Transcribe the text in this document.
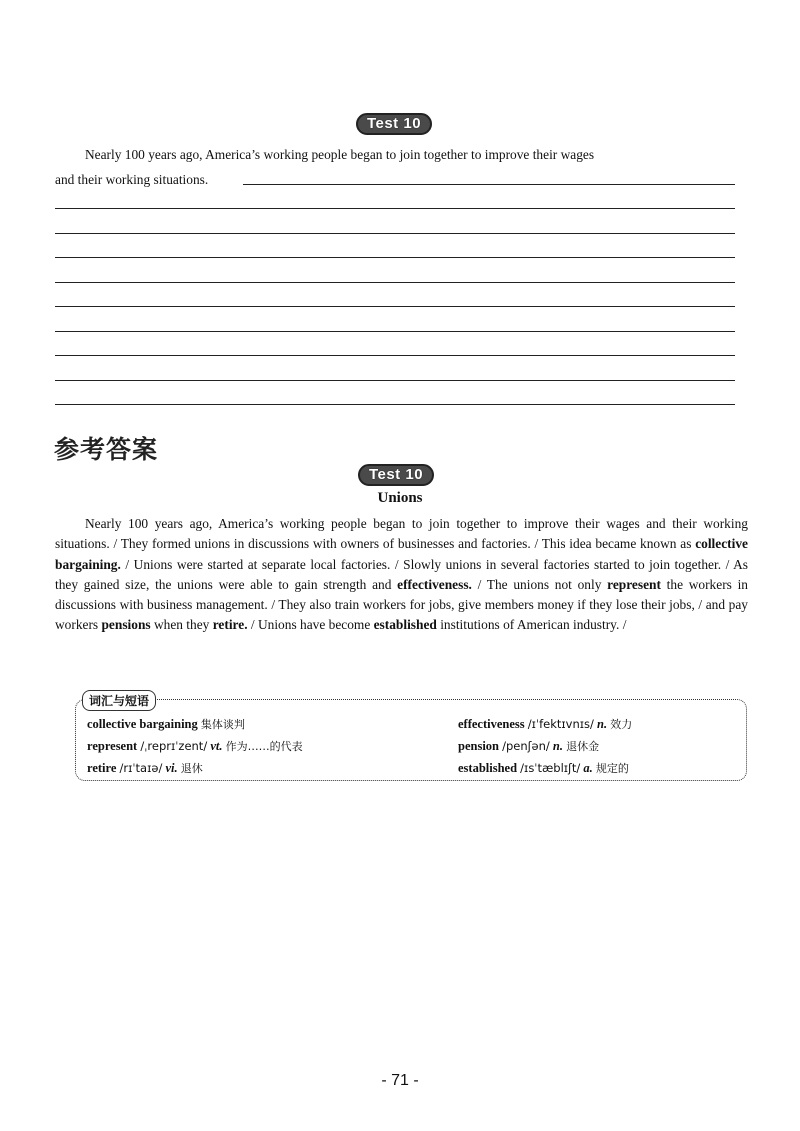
Test 10

Nearly 100 years ago, America’s working people began to join together to improve their wages

and their working situations.

参考答案
Test 10
Unions

Nearly 100 years ago, America’s working people began to join together to improve their wages and their working situations. / They formed unions in discussions with owners of businesses and factories. / This idea became known as collective bargaining. / Unions were started at separate local factories. / Slowly unions in several factories started to join together. / As they gained size, the unions were able to gain strength and effectiveness. / The unions not only represent the workers in discussions with business management. / They also train workers for jobs, give members money if they lose their jobs, / and pay workers pensions when they retire. / Unions have become established institutions of American industry. /

词汇与短语
collective bargaining 集体谈判	effectiveness /ɪˈfektɪvnɪs/ n. 效力
represent /ˌreprɪˈzent/ vt. 作为……的代表	pension /penʃən/ n. 退休金
retire /rɪˈtaɪə/ vi. 退休	established /ɪsˈtæblɪʃt/ a. 规定的
- 71 -
